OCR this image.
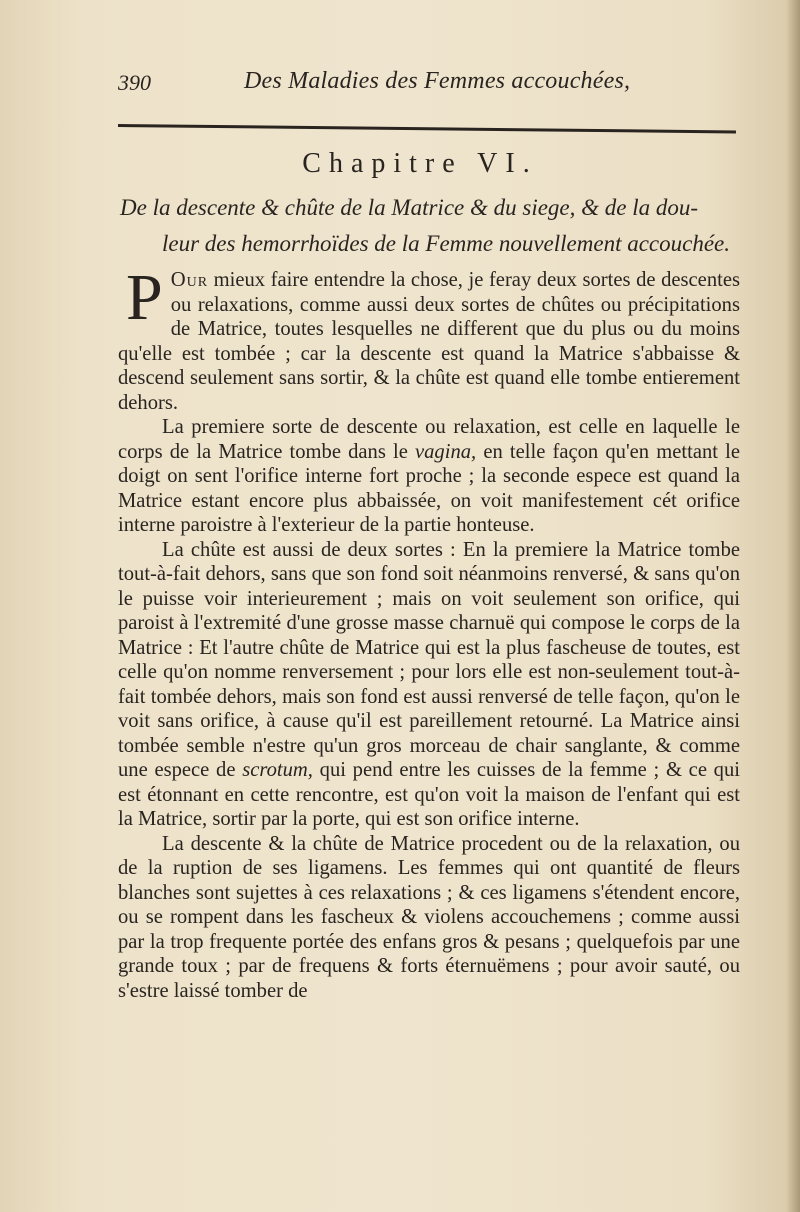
390	Des Maladies des Femmes accouchées,
Chapitre VI.
De la descente & chûte de la Matrice & du siege, & de la dou-
leur des hemorrhoïdes de la Femme nouvellement accouchée.

P Our mieux faire entendre la chose, je feray deux sortes de descentes ou relaxations, comme aussi deux sortes de chûtes ou précipitations de Matrice, toutes lesquelles ne different que du plus ou du moins qu'elle est tombée ; car la descente est quand la Matrice s'abbaisse & descend seulement sans sortir, & la chûte est quand elle tombe entierement dehors.

La premiere sorte de descente ou relaxation, est celle en laquelle le corps de la Matrice tombe dans le vagina, en telle façon qu'en mettant le doigt on sent l'orifice interne fort proche ; la seconde espece est quand la Matrice estant encore plus abbaissée, on voit manifestement cét orifice interne paroistre à l'exterieur de la partie honteuse.

La chûte est aussi de deux sortes : En la premiere la Matrice tombe tout-à-fait dehors, sans que son fond soit néanmoins renversé, & sans qu'on le puisse voir interieurement ; mais on voit seulement son orifice, qui paroist à l'extremité d'une grosse masse charnuë qui compose le corps de la Matrice : Et l'autre chûte de Matrice qui est la plus fascheuse de toutes, est celle qu'on nomme renversement ; pour lors elle est non-seulement tout-à-fait tombée dehors, mais son fond est aussi renversé de telle façon, qu'on le voit sans orifice, à cause qu'il est pareillement retourné. La Matrice ainsi tombée semble n'estre qu'un gros morceau de chair sanglante, & comme une espece de scrotum, qui pend entre les cuisses de la femme ; & ce qui est étonnant en cette rencontre, est qu'on voit la maison de l'enfant qui est la Matrice, sortir par la porte, qui est son orifice interne.

La descente & la chûte de Matrice procedent ou de la relaxation, ou de la ruption de ses ligamens. Les femmes qui ont quantité de fleurs blanches sont sujettes à ces relaxations ; & ces ligamens s'étendent encore, ou se rompent dans les fascheux & violens accouchemens ; comme aussi par la trop frequente portée des enfans gros & pesans ; quelquefois par une grande toux ; par de frequens & forts éternuëmens ; pour avoir sauté, ou s'estre laissé tomber de
